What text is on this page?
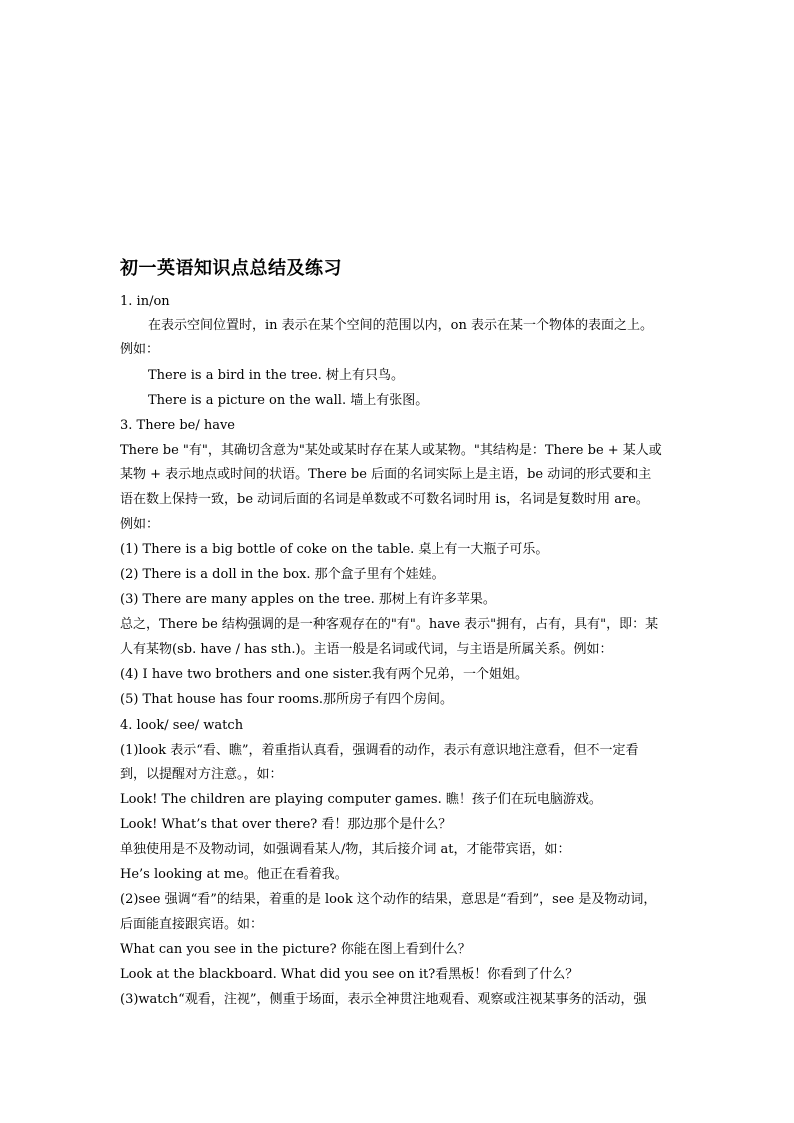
初一英语知识点总结及练习
1. in/on
在表示空间位置时，in 表示在某个空间的范围以内，on 表示在某一个物体的表面之上。
例如：
There is a bird in the tree. 树上有只鸟。
There is a picture on the wall. 墙上有张图。
3. There be/ have
There be "有"，其确切含意为"某处或某时存在某人或某物。"其结构是：There be + 某人或
某物 + 表示地点或时间的状语。There be 后面的名词实际上是主语，be 动词的形式要和主
语在数上保持一致，be 动词后面的名词是单数或不可数名词时用 is，名词是复数时用 are。
例如：
(1) There is a big bottle of coke on the table. 桌上有一大瓶子可乐。
(2) There is a doll in the box. 那个盒子里有个娃娃。
(3) There are many apples on the tree. 那树上有许多苹果。
总之，There be 结构强调的是一种客观存在的"有"。have 表示"拥有，占有，具有"，即：某
人有某物(sb. have / has sth.)。主语一般是名词或代词，与主语是所属关系。例如：
(4) I have two brothers and one sister.我有两个兄弟，一个姐姐。
(5) That house has four rooms.那所房子有四个房间。
4. look/ see/ watch
(1)look 表示“看、瞧”，着重指认真看，强调看的动作，表示有意识地注意看，但不一定看
到，以提醒对方注意。，如：
Look! The children are playing computer games. 瞧！孩子们在玩电脑游戏。
Look! What’s that over there? 看！那边那个是什么？
单独使用是不及物动词，如强调看某人/物，其后接介词 at，才能带宾语，如：
He’s looking at me。他正在看着我。
(2)see 强调“看”的结果，着重的是 look 这个动作的结果，意思是“看到”，see 是及物动词，
后面能直接跟宾语。如：
What can you see in the picture? 你能在图上看到什么？
Look at the blackboard. What did you see on it?看黑板！你看到了什么？
(3)watch“观看，注视”，侧重于场面，表示全神贯注地观看、观察或注视某事务的活动，强
